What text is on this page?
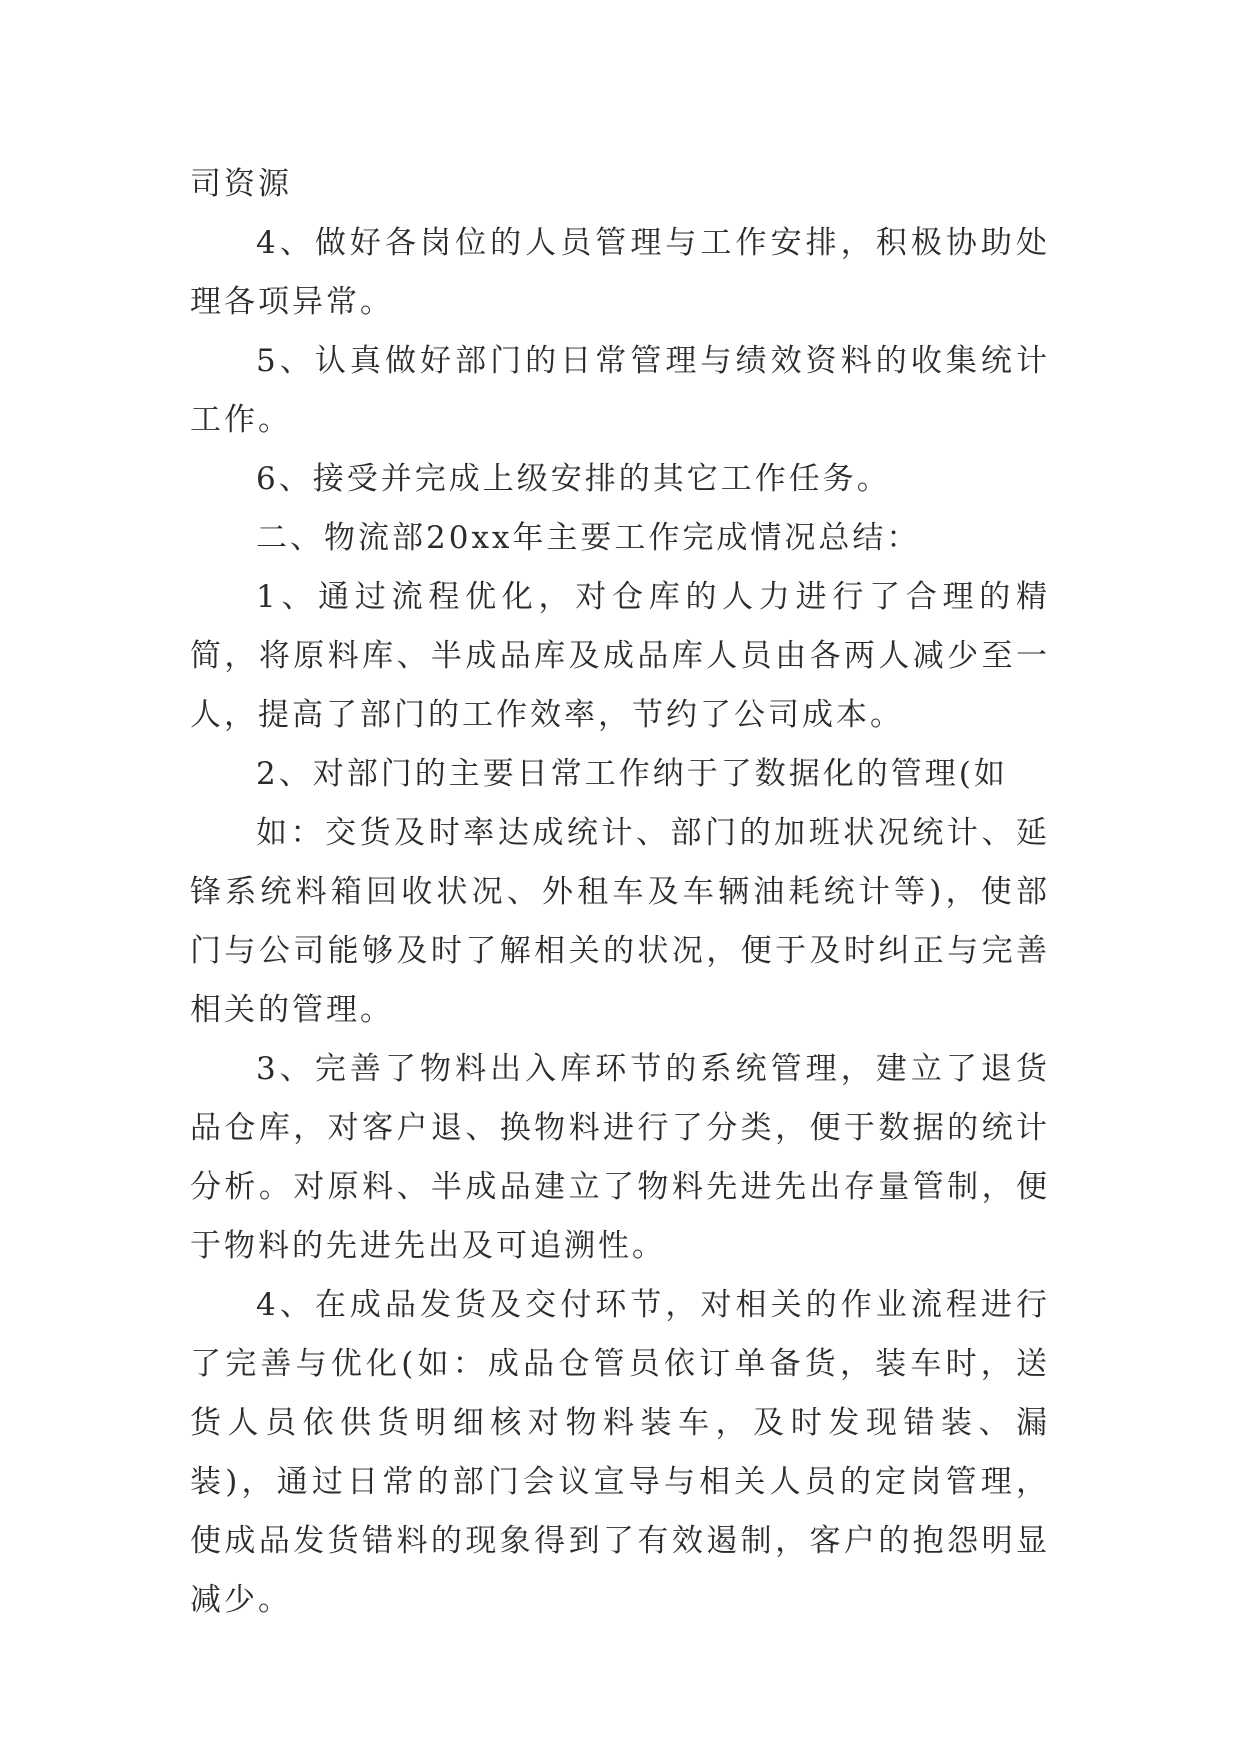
司资源

4、做好各岗位的人员管理与工作安排，积极协助处理各项异常。

5、认真做好部门的日常管理与绩效资料的收集统计工作。

6、接受并完成上级安排的其它工作任务。

二、物流部20xx年主要工作完成情况总结：

1、通过流程优化，对仓库的人力进行了合理的精简，将原料库、半成品库及成品库人员由各两人减少至一人，提高了部门的工作效率，节约了公司成本。

2、对部门的主要日常工作纳于了数据化的管理(如

如：交货及时率达成统计、部门的加班状况统计、延锋系统料箱回收状况、外租车及车辆油耗统计等)，使部门与公司能够及时了解相关的状况，便于及时纠正与完善相关的管理。

3、完善了物料出入库环节的系统管理，建立了退货品仓库，对客户退、换物料进行了分类，便于数据的统计分析。对原料、半成品建立了物料先进先出存量管制，便于物料的先进先出及可追溯性。

4、在成品发货及交付环节，对相关的作业流程进行了完善与优化(如：成品仓管员依订单备货，装车时，送货人员依供货明细核对物料装车，及时发现错装、漏装)，通过日常的部门会议宣导与相关人员的定岗管理，使成品发货错料的现象得到了有效遏制，客户的抱怨明显减少。
